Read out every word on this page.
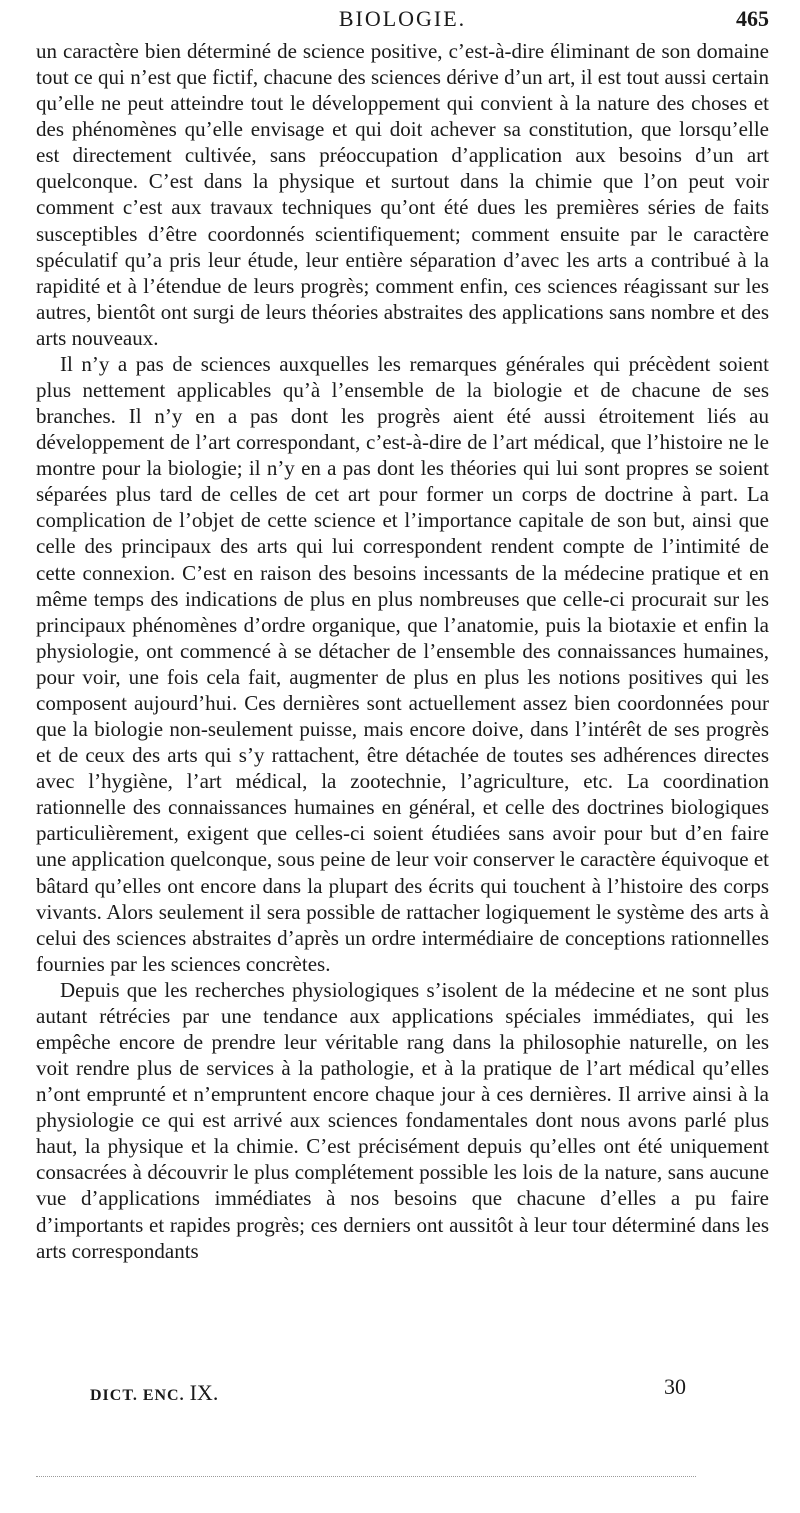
BIOLOGIE.	465

un caractère bien déterminé de science positive, c’est-à-dire éliminant de son domaine tout ce qui n’est que fictif, chacune des sciences dérive d’un art, il est tout aussi certain qu’elle ne peut atteindre tout le développement qui convient à la nature des choses et des phénomènes qu’elle envisage et qui doit achever sa constitution, que lorsqu’elle est directement cultivée, sans préoccupation d’application aux besoins d’un art quelconque. C’est dans la physique et surtout dans la chimie que l’on peut voir comment c’est aux travaux techniques qu’ont été dues les premières séries de faits susceptibles d’être coordonnés scientifiquement; comment ensuite par le caractère spéculatif qu’a pris leur étude, leur entière séparation d’avec les arts a contribué à la rapidité et à l’étendue de leurs progrès; comment enfin, ces sciences réagissant sur les autres, bientôt ont surgi de leurs théories abstraites des applications sans nombre et des arts nouveaux.

Il n’y a pas de sciences auxquelles les remarques générales qui précèdent soient plus nettement applicables qu’à l’ensemble de la biologie et de chacune de ses branches. Il n’y en a pas dont les progrès aient été aussi étroitement liés au développement de l’art correspondant, c’est-à-dire de l’art médical, que l’histoire ne le montre pour la biologie; il n’y en a pas dont les théories qui lui sont propres se soient séparées plus tard de celles de cet art pour former un corps de doctrine à part. La complication de l’objet de cette science et l’importance capitale de son but, ainsi que celle des principaux des arts qui lui correspondent rendent compte de l’intimité de cette connexion. C’est en raison des besoins incessants de la médecine pratique et en même temps des indications de plus en plus nombreuses que celle-ci procurait sur les principaux phénomènes d’ordre organique, que l’anatomie, puis la biotaxie et enfin la physiologie, ont commencé à se détacher de l’ensemble des connaissances humaines, pour voir, une fois cela fait, augmenter de plus en plus les notions positives qui les composent aujourd’hui. Ces dernières sont actuellement assez bien coordonnées pour que la biologie non-seulement puisse, mais encore doive, dans l’intérêt de ses progrès et de ceux des arts qui s’y rattachent, être détachée de toutes ses adhérences directes avec l’hygiène, l’art médical, la zootechnie, l’agriculture, etc. La coordination rationnelle des connaissances humaines en général, et celle des doctrines biologiques particulièrement, exigent que celles-ci soient étudiées sans avoir pour but d’en faire une application quelconque, sous peine de leur voir conserver le caractère équivoque et bâtard qu’elles ont encore dans la plupart des écrits qui touchent à l’histoire des corps vivants. Alors seulement il sera possible de rattacher logiquement le système des arts à celui des sciences abstraites d’après un ordre intermédiaire de conceptions rationnelles fournies par les sciences concrètes.

Depuis que les recherches physiologiques s’isolent de la médecine et ne sont plus autant rétrécies par une tendance aux applications spéciales immédiates, qui les empêche encore de prendre leur véritable rang dans la philosophie naturelle, on les voit rendre plus de services à la pathologie, et à la pratique de l’art médical qu’elles n’ont emprunté et n’empruntent encore chaque jour à ces dernières. Il arrive ainsi à la physiologie ce qui est arrivé aux sciences fondamentales dont nous avons parlé plus haut, la physique et la chimie. C’est précisément depuis qu’elles ont été uniquement consacrées à découvrir le plus complétement possible les lois de la nature, sans aucune vue d’applications immédiates à nos besoins que chacune d’elles a pu faire d’importants et rapides progrès; ces derniers ont aussitôt à leur tour déterminé dans les arts correspondants

DICT. ENC. IX.	30
